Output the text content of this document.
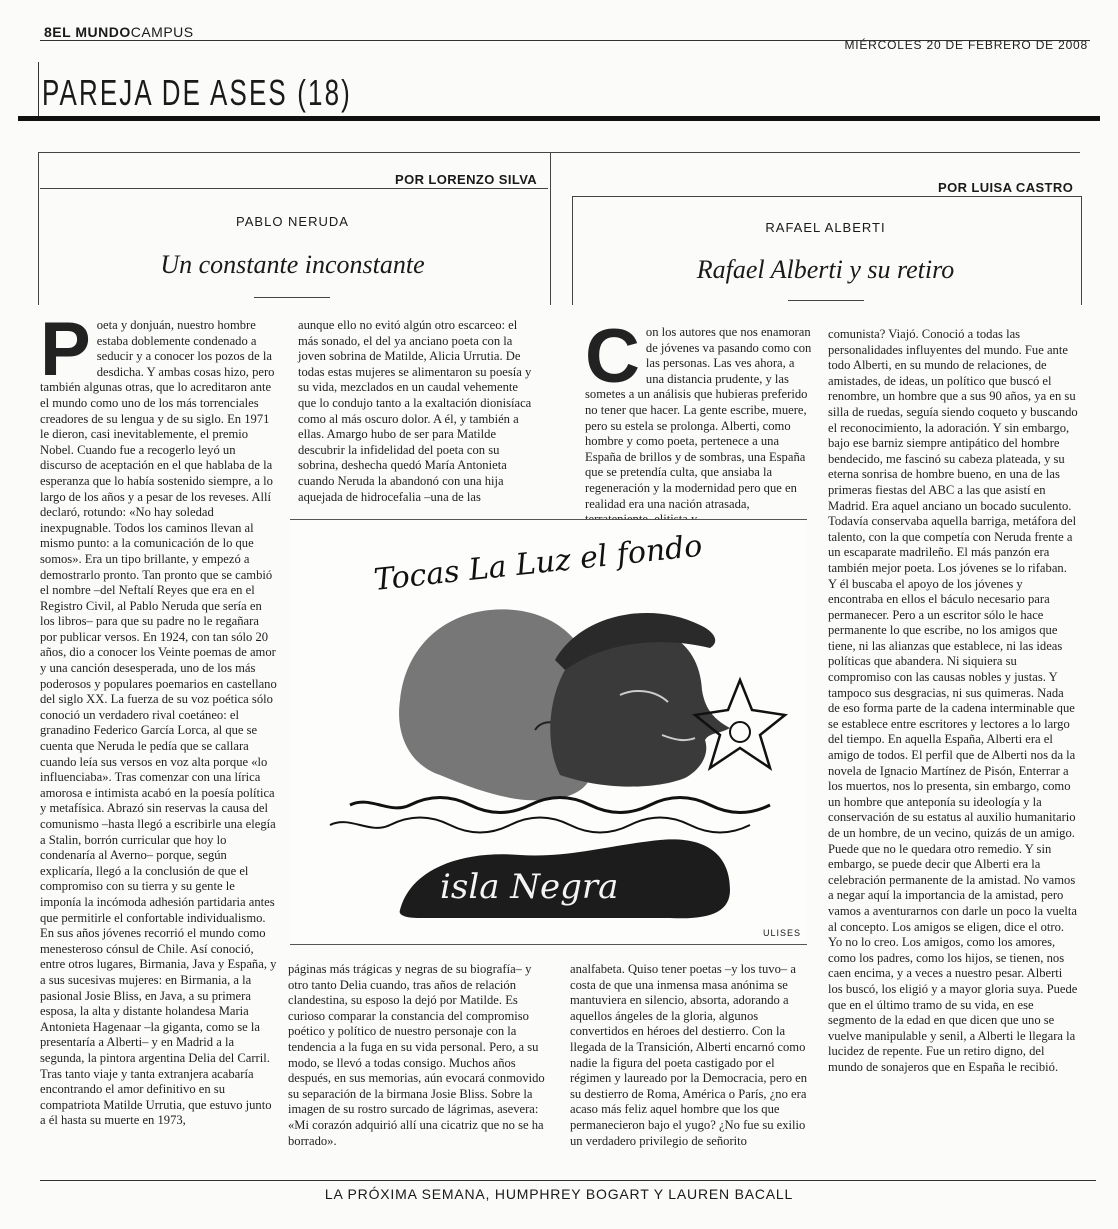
8EL MUNDOCAMPUS
MIÉRCOLES 20 DE FEBRERO DE 2008
PAREJA DE ASES (18)
POR LORENZO SILVA
PABLO NERUDA
Un constante inconstante
POR LUISA CASTRO
RAFAEL ALBERTI
Rafael Alberti y su retiro
P oeta y donjuán, nuestro hombre estaba doblemente condenado a seducir y a conocer los pozos de la desdicha. Y ambas cosas hizo, pero también algunas otras, que lo acreditaron ante el mundo como uno de los más torrenciales creadores de su lengua y de su siglo. En 1971 le dieron, casi inevitablemente, el premio Nobel. Cuando fue a recogerlo leyó un discurso de aceptación en el que hablaba de la esperanza que lo había sostenido siempre, a lo largo de los años y a pesar de los reveses. Allí declaró, rotundo: «No hay soledad inexpugnable. Todos los caminos llevan al mismo punto: a la comunicación de lo que somos». Era un tipo brillante, y empezó a demostrarlo pronto. Tan pronto que se cambió el nombre –del Neftalí Reyes que era en el Registro Civil, al Pablo Neruda que sería en los libros– para que su padre no le regañara por publicar versos. En 1924, con tan sólo 20 años, dio a conocer los Veinte poemas de amor y una canción desesperada, uno de los más poderosos y populares poemarios en castellano del siglo XX. La fuerza de su voz poética sólo conoció un verdadero rival coetáneo: el granadino Federico García Lorca, al que se cuenta que Neruda le pedía que se callara cuando leía sus versos en voz alta porque «lo influenciaba». Tras comenzar con una lírica amorosa e intimista acabó en la poesía política y metafísica. Abrazó sin reservas la causa del comunismo –hasta llegó a escribirle una elegía a Stalin, borrón curricular que hoy lo condenaría al Averno– porque, según explicaría, llegó a la conclusión de que el compromiso con su tierra y su gente le imponía la incómoda adhesión partidaria antes que permitirle el confortable individualismo. En sus años jóvenes recorrió el mundo como menesteroso cónsul de Chile. Así conoció, entre otros lugares, Birmania, Java y España, y a sus sucesivas mujeres: en Birmania, a la pasional Josie Bliss, en Java, a su primera esposa, la alta y distante holandesa Maria Antonieta Hagenaar –la giganta, como se la presentaría a Alberti– y en Madrid a la segunda, la pintora argentina Delia del Carril. Tras tanto viaje y tanta extranjera acabaría encontrando el amor definitivo en su compatriota Matilde Urrutia, que estuvo junto a él hasta su muerte en 1973,

aunque ello no evitó algún otro escarceo: el más sonado, el del ya anciano poeta con la joven sobrina de Matilde, Alicia Urrutia. De todas estas mujeres se alimentaron su poesía y su vida, mezclados en un caudal vehemente que lo condujo tanto a la exaltación dionisíaca como al más oscuro dolor. A él, y también a ellas. Amargo hubo de ser para Matilde descubrir la infidelidad del poeta con su sobrina, deshecha quedó María Antonieta cuando Neruda la abandonó con una hija aquejada de hidrocefalia –una de las

páginas más trágicas y negras de su biografía– y otro tanto Delia cuando, tras años de relación clandestina, su esposo la dejó por Matilde. Es curioso comparar la constancia del compromiso poético y político de nuestro personaje con la tendencia a la fuga en su vida personal. Pero, a su modo, se llevó a todas consigo. Muchos años después, en sus memorias, aún evocará conmovido su separación de la birmana Josie Bliss. Sobre la imagen de su rostro surcado de lágrimas, asevera: «Mi corazón adquirió allí una cicatriz que no se ha borrado».

C on los autores que nos enamoran de jóvenes va pasando como con las personas. Las ves ahora, a una distancia prudente, y las sometes a un análisis que hubieras preferido no tener que hacer. La gente escribe, muere, pero su estela se prolonga. Alberti, como hombre y como poeta, pertenece a una España de brillos y de sombras, una España que se pretendía culta, que ansiaba la regeneración y la modernidad pero que en realidad era una nación atrasada,

analfabeta. Quiso tener poetas –y los tuvo– a costa de que una inmensa masa anónima se mantuviera en silencio, absorta, adorando a aquellos ángeles de la gloria, algunos convertidos en héroes del destierro. Con la llegada de la Transición, Alberti encarnó como nadie la figura del poeta castigado por el régimen y laureado por la Democracia, pero en su destierro de Roma, América o París, ¿no era acaso más feliz aquel hombre que los que permanecieron bajo el yugo? ¿No fue su exilio un verdadero privilegio de señorito

comunista? Viajó. Conoció a todas las personalidades influyentes del mundo. Fue ante todo Alberti, en su mundo de relaciones, de amistades, de ideas, un político que buscó el renombre, un hombre que a sus 90 años, ya en su silla de ruedas, seguía siendo coqueto y buscando el reconocimiento, la adoración. Y sin embargo, bajo ese barniz siempre antipático del hombre bendecido, me fascinó su cabeza plateada, y su eterna sonrisa de hombre bueno, en una de las primeras fiestas del ABC a las que asistí en Madrid. Era aquel anciano un bocado suculento. Todavía conservaba aquella barriga, metáfora del talento, con la que competía con Neruda frente a un escaparate madrileño. El más panzón era también mejor poeta. Los jóvenes se lo rifaban. Y él buscaba el apoyo de los jóvenes y encontraba en ellos el báculo necesario para permanecer. Pero a un escritor sólo le hace permanente lo que escribe, no los amigos que tiene, ni las alianzas que establece, ni las ideas políticas que abandera. Ni siquiera su compromiso con las causas nobles y justas. Y tampoco sus desgracias, ni sus quimeras. Nada de eso forma parte de la cadena interminable que se establece entre escritores y lectores a lo largo del tiempo. En aquella España, Alberti era el amigo de todos. El perfil que de Alberti nos da la novela de Ignacio Martínez de Pisón, Enterrar a los muertos, nos lo presenta, sin embargo, como un hombre que anteponía su ideología y la conservación de su estatus al auxilio humanitario de un hombre, de un vecino, quizás de un amigo. Puede que no le quedara otro remedio. Y sin embargo, se puede decir que Alberti era la celebración permanente de la amistad. No vamos a negar aquí la importancia de la amistad, pero vamos a aventurarnos con darle un poco la vuelta al concepto. Los amigos se eligen, dice el otro. Yo no lo creo. Los amigos, como los amores, como los padres, como los hijos, se tienen, nos caen encima, y a veces a nuestro pesar. Alberti los buscó, los eligió y a mayor gloria suya. Puede que en el último tramo de su vida, en ese segmento de la edad en que dicen que uno se vuelve manipulable y senil, a Alberti le llegara la lucidez de repente. Fue un retiro digno, del mundo de sonajeros que en España le recibió.

Tocas La Luz el fondo
isla Negra
ULISES
LA PRÓXIMA SEMANA, HUMPHREY BOGART Y LAUREN BACALL
